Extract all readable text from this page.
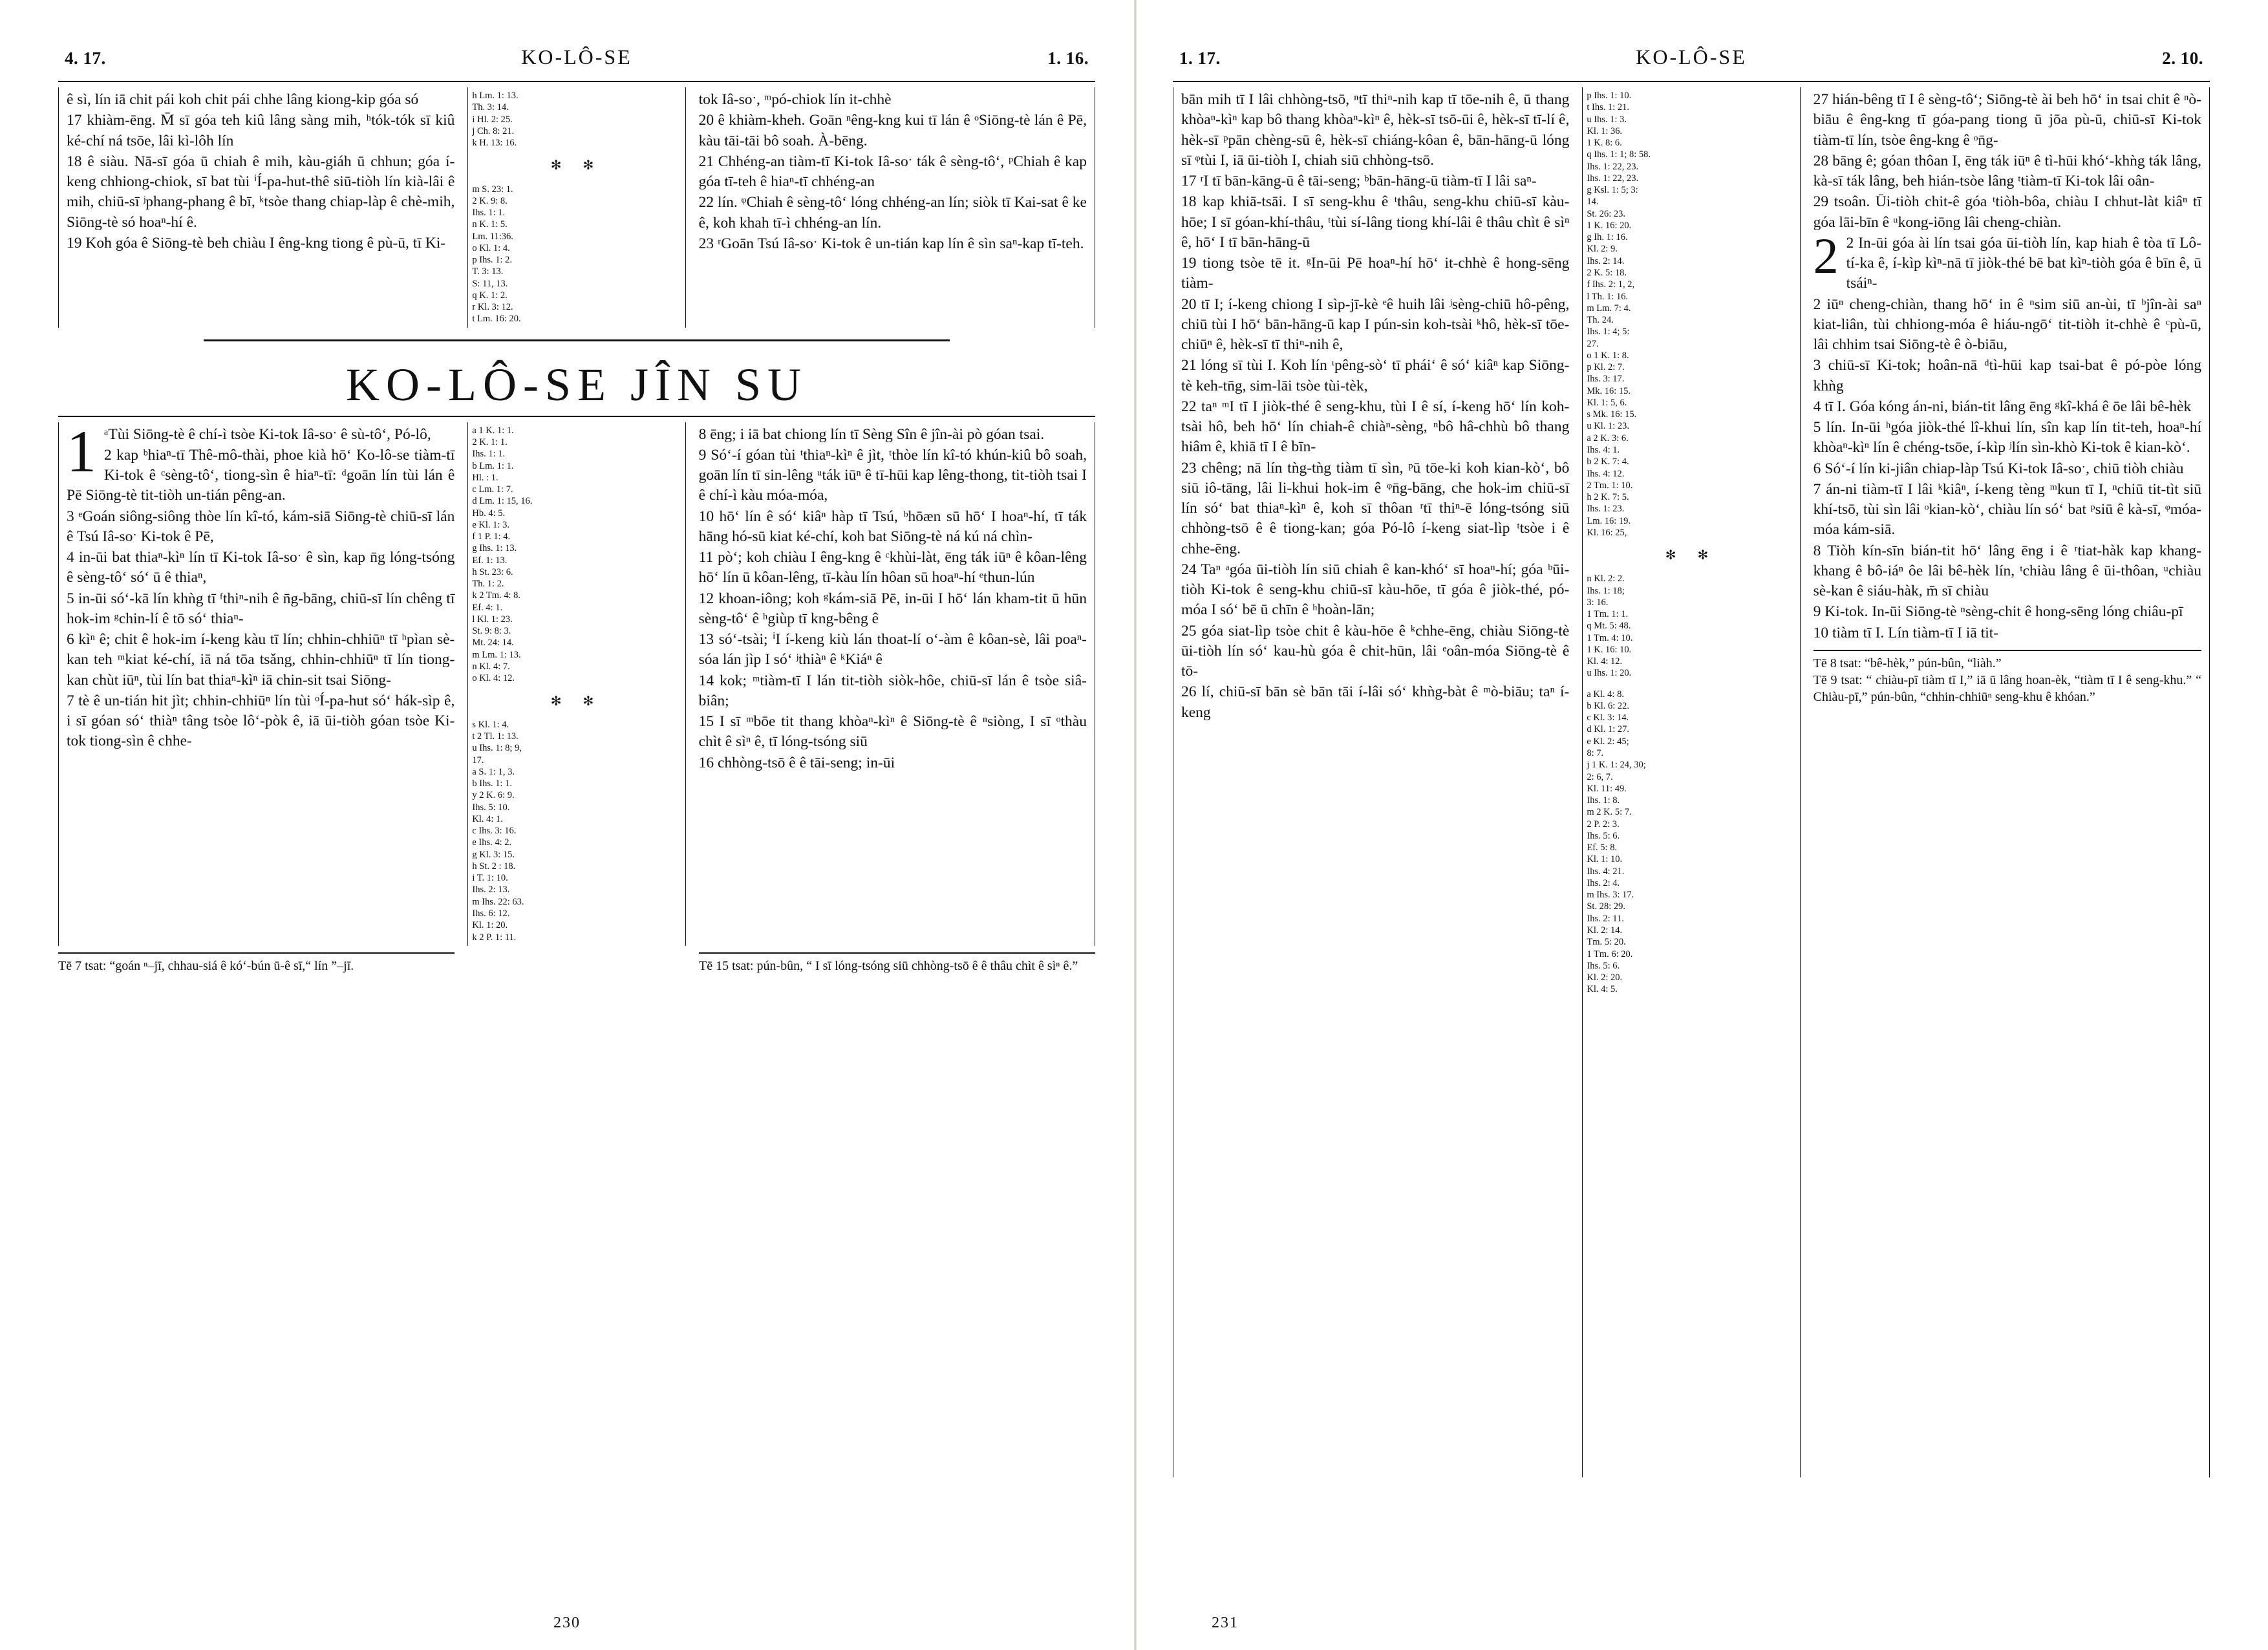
4. 17.	KO-LÔ-SE	1. 16.

ê sì, lín iā chit pái koh chit pái chhe lâng kiong-kip góa só

17 khiàm-ēng. M̄ sī góa teh kiû lâng sàng mih, ʰtók-tók sī kiû ké-chí ná tsōe, lâi kì-lôh lín

18 ê siàu. Nā-sī góa ū chiah ê mih, kàu-giáh ū chhun; góa í-keng chhiong-chiok, sī bat tùi ⁱÍ-pa-hut-thê siū-tiòh lín kià-lâi ê mih, chiū-sī ʲphang-phang ê bī, ᵏtsòe thang chiap-làp ê chè-mih, Siōng-tè só hoaⁿ-hí ê.

19 Koh góa ê Siōng-tè beh chiàu I êng-kng tiong ê pù-ū, tī Ki-

h Lm. 1: 13.
Th. 3: 14.
i Hl. 2: 25.
j Ch. 8: 21.
k H. 13: 16.
✻ ✻
m S. 23: 1.
2 K. 9: 8.
Ihs. 1: 1.
n K. 1: 5.
Lm. 11:36.
o Kl. 1: 4.
p Ihs. 1: 2.
T. 3: 13.
S: 11, 13.
q K. 1: 2.
r Kl. 3: 12.
t Lm. 16: 20.

tok Iâ-soˑ, ᵐpó-chiok lín it-chhè

20 ê khiàm-kheh. Goān ⁿêng-kng kui tī lán ê ᵒSiōng-tè lán ê Pē, kàu tāi-tāi bô soah. À-bēng.

21 Chhéng-an tiàm-tī Ki-tok Iâ-soˑ ták ê sèng-tô‘, ᵖChiah ê kap góa tī-teh ê hiaⁿ-tī chhéng-an

22 lín. ᵠChiah ê sèng-tô‘ lóng chhéng-an lín; siòk tī Kai-sat ê ke ê, koh khah tī-ì chhéng-an lín.

23 ʳGoān Tsú Iâ-soˑ Ki-tok ê un-tián kap lín ê sìn saⁿ-kap tī-teh.

KO-LÔ-SE JÎN SU

1 ᵃTùi Siōng-tè ê chí-ì tsòe Ki-tok Iâ-soˑ ê sù-tô‘, Pó-lô,

2 kap ᵇhiaⁿ-tī Thê-mô-thài, phoe kià hō‘ Ko-lô-se tiàm-tī Ki-tok ê ᶜsèng-tô‘, tiong-sìn ê hiaⁿ-tī: ᵈgoān lín tùi lán ê Pē Siōng-tè tit-tiòh un-tián pêng-an.

3 ᵉGoán siông-siông thòe lín kî-tó, kám-siā Siōng-tè chiū-sī lán ê Tsú Iâ-soˑ Ki-tok ê Pē,

4 in-ūi bat thiaⁿ-kìⁿ lín tī Ki-tok Iâ-soˑ ê sìn, kap n̄g lóng-tsóng ê sèng-tô‘ só‘ ū ê thiaⁿ,

5 in-ūi só‘-kā lín khǹg tī ᶠthiⁿ-nih ê n̄g-bāng, chiū-sī lín chêng tī hok-im ᵍchin-lí ê tō só‘ thiaⁿ-

6 kìⁿ ê; chit ê hok-im í-keng kàu tī lín; chhin-chhiūⁿ tī ʰpìan sè-kan teh ᵐkiat ké-chí, iā ná tōa tsǎng, chhin-chhiūⁿ tī lín tiong-kan chùt iūⁿ, tùi lín bat thiaⁿ-kìⁿ iā chin-sit tsai Siōng-

7 tè ê un-tián hit jìt; chhin-chhiūⁿ lín tùi ᵒÍ-pa-hut só‘ hák-sìp ê, i sī góan só‘ thiàⁿ tâng tsòe lô‘-pòk ê, iā ūi-tiòh góan tsòe Ki-tok tiong-sìn ê chhe-

a 1 K. 1: 1.
2 K. 1: 1.
Ihs. 1: 1.
b Lm. 1: 1.
Hl. : 1.
c Lm. 1: 7.
d Lm. 1: 15, 16.
Hb. 4: 5.
e Kl. 1: 3.
f 1 P. 1: 4.
g Ihs. 1: 13.
Ef. 1: 13.
h St. 23: 6.
Th. 1: 2.
k 2 Tm. 4: 8.
Ef. 4: 1.
l Kl. 1: 23.
St. 9: 8: 3.
Mt. 24: 14.
m Lm. 1: 13.
n Kl. 4: 7.
o Kl. 4: 12.
✻ ✻
s Kl. 1: 4.
t 2 Tl. 1: 13.
u Ihs. 1: 8; 9,
17.
a S. 1: 1, 3.
b Ihs. 1: 1.
y 2 K. 6: 9.
Ihs. 5: 10.
Kl. 4: 1.
c Ihs. 3: 16.
e Ihs. 4: 2.
g Kl. 3: 15.
h St. 2 : 18.
i T. 1: 10.
Ihs. 2: 13.
m Ihs. 22: 63.
Ihs. 6: 12.
Kl. 1: 20.
k 2 P. 1: 11.

8 ēng; i iā bat chiong lín tī Sèng Sîn ê jîn-ài pò góan tsai.

9 Só‘-í góan tùi ᵗthiaⁿ-kìⁿ ê jìt, ᵗthòe lín kî-tó khún-kiû bô soah, goān lín tī sin-lêng ᵘták iūⁿ ê tī-hūi kap lêng-thong, tit-tiòh tsai I ê chí-ì kàu móa-móa,

10 hō‘ lín ê só‘ kiâⁿ hàp tī Tsú, ᵇhōæn sū hō‘ I hoaⁿ-hí, tī ták hāng hó-sū kiat ké-chí, koh bat Siōng-tè ná kú ná chìn-

11 pò‘; koh chiàu I êng-kng ê ᶜkhùi-làt, ēng ták iūⁿ ê kôan-lêng hō‘ lín ū kôan-lêng, tī-kàu lín hôan sū hoaⁿ-hí ᵉthun-lún

12 khoan-iông; koh ᵍkám-siā Pē, in-ūi I hō‘ lán kham-tit ū hūn sèng-tô‘ ê ʰgiùp tī kng-bêng ê

13 só‘-tsài; ⁱI í-keng kiù lán thoat-lí o‘-àm ê kôan-sè, lâi poaⁿ-sóa lán jìp I só‘ ʲthiàⁿ ê ᵏKiáⁿ ê

14 kok; ᵐtiàm-tī I lán tit-tiòh siòk-hôe, chiū-sī lán ê tsòe siâ-biân;

15 I sī ᵐbōe tit thang khòaⁿ-kìⁿ ê Siōng-tè ê ⁿsiòng, I sī ᵒthàu chìt ê sìⁿ ê, tī lóng-tsóng siū

16 chhòng-tsō ê ê tāi-seng; in-ūi

Tē 7 tsat: “goán ⁿ–jī, chhau-siá ê kó‘-bún ū-ê sī,“ lín ”–jī.	Tē 15 tsat: pún-bûn, “ I sī lóng-tsóng siū chhòng-tsō ê ê thâu chìt ê sìⁿ ê.”
230
1. 17.	KO-LÔ-SE	2. 10.

bān mih tī I lâi chhòng-tsō, ⁿtī thiⁿ-nih kap tī tōe-nih ê, ū thang khòaⁿ-kìⁿ kap bô thang khòaⁿ-kìⁿ ê, hèk-sī tsō-ūi ê, hèk-sī tī-lí ê, hèk-sī ᵖpān chèng-sū ê, hèk-sī chiáng-kôan ê, bān-hāng-ū lóng sī ᵠtùi I, iā ūi-tiòh I, chiah siū chhòng-tsō.

17 ʳI tī bān-kāng-ū ê tāi-seng; ᵇbān-hāng-ū tiàm-tī I lâi saⁿ-

18 kap khiā-tsāi. I sī seng-khu ê ᵗthâu, seng-khu chiū-sī kàu-hōe; I sī góan-khí-thâu, ᵗtùi sí-lâng tiong khí-lâi ê thâu chìt ê sìⁿ ê, hō‘ I tī bān-hāng-ū

19 tiong tsòe tē it. ᵍIn-ūi Pē hoaⁿ-hí hō‘ it-chhè ê hong-sēng tiàm-

20 tī I; í-keng chiong I sìp-jī-kè ᵉê huih lâi ʲsèng-chiū hô-pêng, chiū tùi I hō‘ bān-hāng-ū kap I pún-sin koh-tsài ᵏhô, hèk-sī tōe-chiūⁿ ê, hèk-sī tī thiⁿ-nih ê,

21 lóng sī tùi I. Koh lín ᶥpêng-sò‘ tī phái‘ ê só‘ kiâⁿ kap Siōng-tè keh-tn̄g, sim-lāi tsòe tùi-tèk,

22 taⁿ ᵐI tī I jiòk-thé ê seng-khu, tùi I ê sí, í-keng hō‘ lín koh-tsài hô, beh hō‘ lín chiah-ê chiàⁿ-sèng, ⁿbô hâ-chhù bô thang hiâm ê, khiā tī I ê bīn-

23 chêng; nā lín tǹg-tǹg tiàm tī sìn, ᵖū tōe-ki koh kian-kò‘, bô siū iô-tāng, lâi li-khui hok-im ê ᵠn̄g-bāng, che hok-im chiū-sī lín só‘ bat thiaⁿ-kìⁿ ê, koh sī thôan ʳtī thiⁿ-ē lóng-tsóng siū chhòng-tsō ê ê tiong-kan; góa Pó-lô í-keng siat-lìp ᵗtsòe i ê chhe-ēng.

24 Taⁿ ᵃgóa ūi-tiòh lín siū chiah ê kan-khó‘ sī hoaⁿ-hí; góa ᵇūi-tiòh Ki-tok ê seng-khu chiū-sī kàu-hōe, tī góa ê jiòk-thé, pó-móa I só‘ bē ū chīn ê ʰhoàn-lān;

25 góa siat-lìp tsòe chit ê kàu-hōe ê ᵏchhe-ēng, chiàu Siōng-tè ūi-tiòh lín só‘ kau-hù góa ê chit-hūn, lâi ᵉoân-móa Siōng-tè ê tō-

26 lí, chiū-sī bān sè bān tāi í-lâi só‘ khǹg-bàt ê ᵐò-biāu; taⁿ í-keng

p Ihs. 1: 10.
t Ihs. 1: 21.
u Ihs. 1: 3.
Kl. 1: 36.
1 K. 8: 6.
q Ihs. 1: 1; 8: 58.
Ihs. 1: 22, 23.
Ihs. 1: 22, 23.
g Ksl. 1: 5; 3:
14.
St. 26: 23.
1 K. 16: 20.
g Ih. 1: 16.
Kl. 2: 9.
Ihs. 2: 14.
2 K. 5: 18.
f Ihs. 2: 1, 2,
l Th. 1: 16.
m Lm. 7: 4.
Th. 24.
Ihs. 1: 4; 5:
27.
o 1 K. 1: 8.
p Kl. 2: 7.
Ihs. 3: 17.
Mk. 16: 15.
Kl. 1: 5, 6.
s Mk. 16: 15.
u Kl. 1: 23.
a 2 K. 3: 6.
Ihs. 4: 1.
b 2 K. 7: 4.
Ihs. 4: 12.
2 Tm. 1: 10.
h 2 K. 7: 5.
Ihs. 1: 23.
Lm. 16: 19.
Kl. 16: 25,
✻ ✻
n Kl. 2: 2.
Ihs. 1: 18;
3: 16.
1 Tm. 1: 1.
q Mt. 5: 48.
1 Tm. 4: 10.
1 K. 16: 10.
Kl. 4: 12.
u Ihs. 1: 20.
a Kl. 4: 8.
b Kl. 6: 22.
c Kl. 3: 14.
d Kl. 1: 27.
e Kl. 2: 45;
8: 7.
j 1 K. 1: 24, 30;
2: 6, 7.
Kl. 11: 49.
Ihs. 1: 8.
m 2 K. 5: 7.
2 P. 2: 3.
Ihs. 5: 6.
Ef. 5: 8.
Kl. 1: 10.
Ihs. 4: 21.
Ihs. 2: 4.
m Ihs. 3: 17.
St. 28: 29.
Ihs. 2: 11.
Kl. 2: 14.
Tm. 5: 20.
1 Tm. 6: 20.
Ihs. 5: 6.
Kl. 2: 20.
Kl. 4: 5.

27 hián-bêng tī I ê sèng-tô‘; Siōng-tè ài beh hō‘ in tsai chit ê ⁿò-biāu ê êng-kng tī góa-pang tiong ū jōa pù-ū, chiū-sī Ki-tok tiàm-tī lín, tsòe êng-kng ê ᵒn̄g-

28 bāng ê; góan thôan I, ēng ták iūⁿ ê tì-hūi khó‘-khǹg ták lâng, kà-sī ták lâng, beh hián-tsòe lâng ᵗtiàm-tī Ki-tok lâi oân-

29 tsoân. Ūi-tiòh chit-ê góa ᵗtiòh-bôa, chiàu I chhut-làt kiâⁿ tī góa lāi-bīn ê ᵘkong-iōng lâi cheng-chiàn.

2 2 In-ūi góa ài lín tsai góa ūi-tiòh lín, kap hiah ê tòa tī Lô-tí-ka ê, í-kìp kìⁿ-nā tī jiòk-thé bē bat kìⁿ-tiòh góa ê bīn ê, ū tsáiⁿ-

2 iūⁿ cheng-chiàn, thang hō‘ in ê ⁿsim siū an-ùi, tī ᵇjîn-ài saⁿ kiat-liân, tùi chhiong-móa ê hiáu-ngō‘ tit-tiòh it-chhè ê ᶜpù-ū, lâi chhim tsai Siōng-tè ê ò-biāu,

3 chiū-sī Ki-tok; hoân-nā ᵈtì-hūi kap tsai-bat ê pó-pòe lóng khǹg

4 tī I. Góa kóng án-ni, bián-tit lâng ēng ᵍkî-khá ê ōe lâi bê-hèk

5 lín. In-ūi ʰgóa jiòk-thé lî-khui lín, sîn kap lín tit-teh, hoaⁿ-hí khòaⁿ-kìⁿ lín ê chéng-tsōe, í-kìp ʲlín sìn-khò Ki-tok ê kian-kò‘.

6 Só‘-í lín ki-jiân chiap-làp Tsú Ki-tok Iâ-soˑ, chiū tiòh chiàu

7 án-ni tiàm-tī I lâi ᵏkiâⁿ, í-keng tèng ᵐkun tī I, ⁿchiū tit-tìt siū khí-tsō, tùi sìn lâi ᵒkian-kò‘, chiàu lín só‘ bat ᵖsiū ê kà-sī, ᵠmóa-móa kám-siā.

8 Tiòh kín-sīn bián-tit hō‘ lâng ēng i ê ʳtiat-hàk kap khang-khang ê bô-iáⁿ ôe lâi bê-hèk lín, ᵗchiàu lâng ê ūi-thôan, ᵘchiàu sè-kan ê siáu-hàk, m̄ sī chiàu

9 Ki-tok. In-ūi Siōng-tè ⁿsèng-chit ê hong-sēng lóng chiâu-pī

10 tiàm tī I. Lín tiàm-tī I iā tit-

Tē 8 tsat: “bê-hèk,” pún-bûn, “liàh.”
Tē 9 tsat: “ chiàu-pī tiàm tī I,” iā ū lâng hoan-èk, “tiàm tī I ê seng-khu.” “ Chiàu-pī,” pún-bûn, “chhin-chhiūⁿ seng-khu ê khóan.”
231
